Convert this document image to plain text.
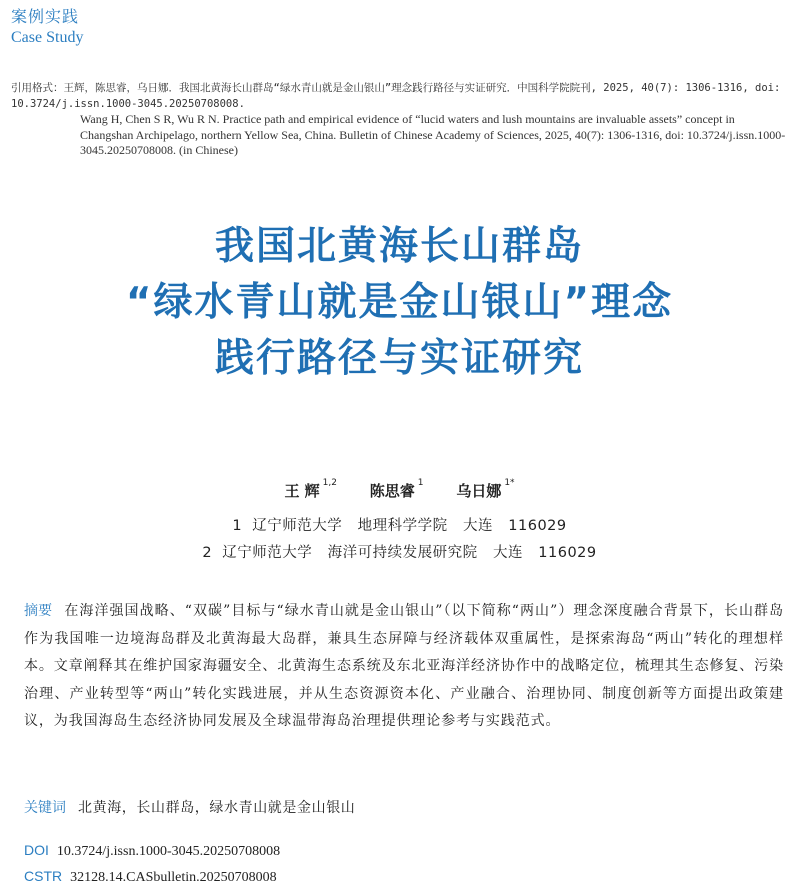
案例实践
Case Study

引用格式：王辉，陈思睿，乌日娜．我国北黄海长山群岛“绿水青山就是金山银山”理念践行路径与实证研究．中国科学院院刊, 2025, 40(7): 1306-1316, doi: 10.3724/j.issn.1000-3045.20250708008.

Wang H, Chen S R, Wu R N. Practice path and empirical evidence of “lucid waters and lush mountains are invaluable assets” concept in Changshan Archipelago, northern Yellow Sea, China. Bulletin of Chinese Academy of Sciences, 2025, 40(7): 1306-1316, doi: 10.3724/j.issn.1000-3045.20250708008. (in Chinese)

我国北黄海长山群岛
“绿水青山就是金山银山”理念
践行路径与实证研究
王 辉 $^{1,2}$ 陈思睿 $^1$ 乌日娜 $^{1*}$
1  辽宁师范大学   地理科学学院   大连   116029
2  辽宁师范大学   海洋可持续发展研究院   大连   116029
摘要 在海洋强国战略、“双碳”目标与“绿水青山就是金山银山”（以下简称“两山”）理念深度融合背景下，长山群岛作为我国唯一边境海岛群及北黄海最大岛群，兼具生态屏障与经济载体双重属性，是探索海岛“两山”转化的理想样本。文章阐释其在维护国家海疆安全、北黄海生态系统及东北亚海洋经济协作中的战略定位，梳理其生态修复、污染治理、产业转型等“两山”转化实践进展，并从生态资源资本化、产业融合、治理协同、制度创新等方面提出政策建议，为我国海岛生态经济协同发展及全球温带海岛治理提供理论参考与实践范式。
关键词 北黄海，长山群岛，绿水青山就是金山银山
DOI 10.3724/j.issn.1000-3045.20250708008
CSTR 32128.14.CASbulletin.20250708008
